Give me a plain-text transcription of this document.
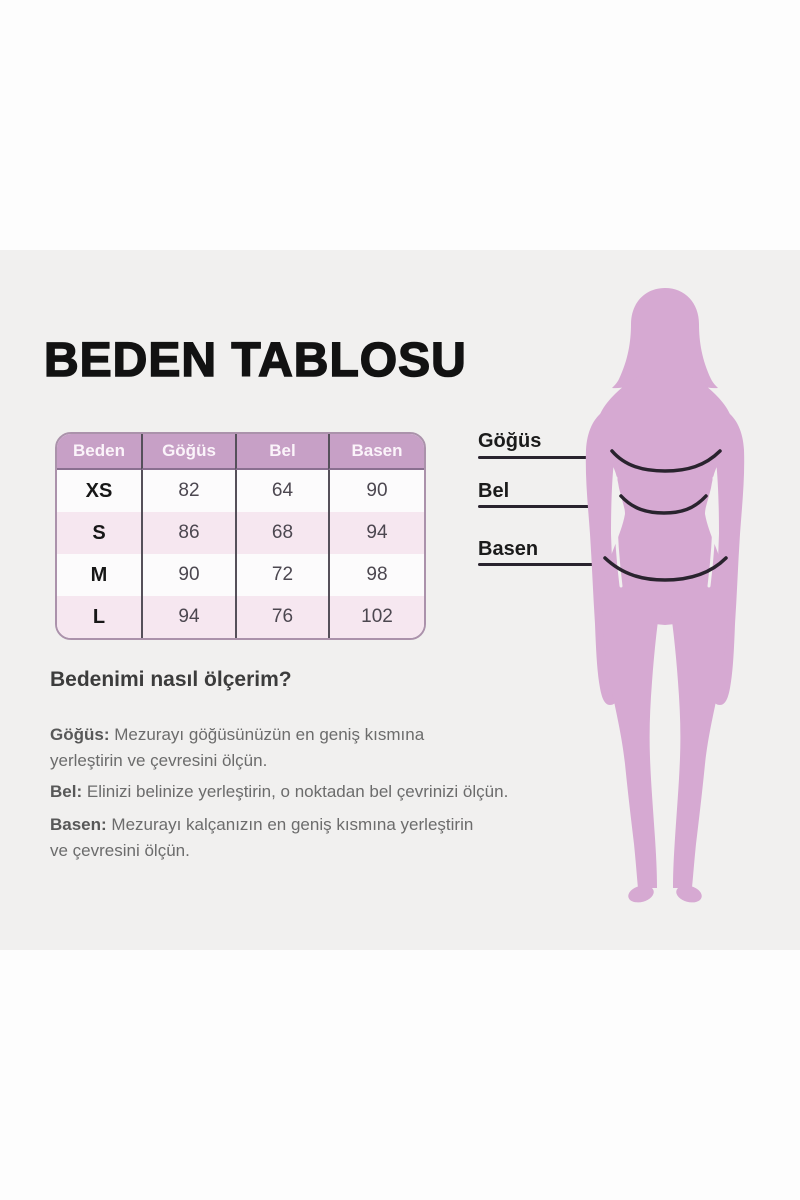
BEDEN TABLOSU
Beden	Göğüs	Bel	Basen
XS	82	64	90
S	86	68	94
M	90	72	98
L	94	76	102
Göğüs
Bel
Basen
Bedenimi nasıl ölçerim?
Göğüs: Mezurayı göğüsünüzün en geniş kısmına
yerleştirin ve çevresini ölçün.
Bel: Elinizi belinize yerleştirin, o noktadan bel çevrinizi ölçün.
Basen: Mezurayı kalçanızın en geniş kısmına yerleştirin
ve çevresini ölçün.
